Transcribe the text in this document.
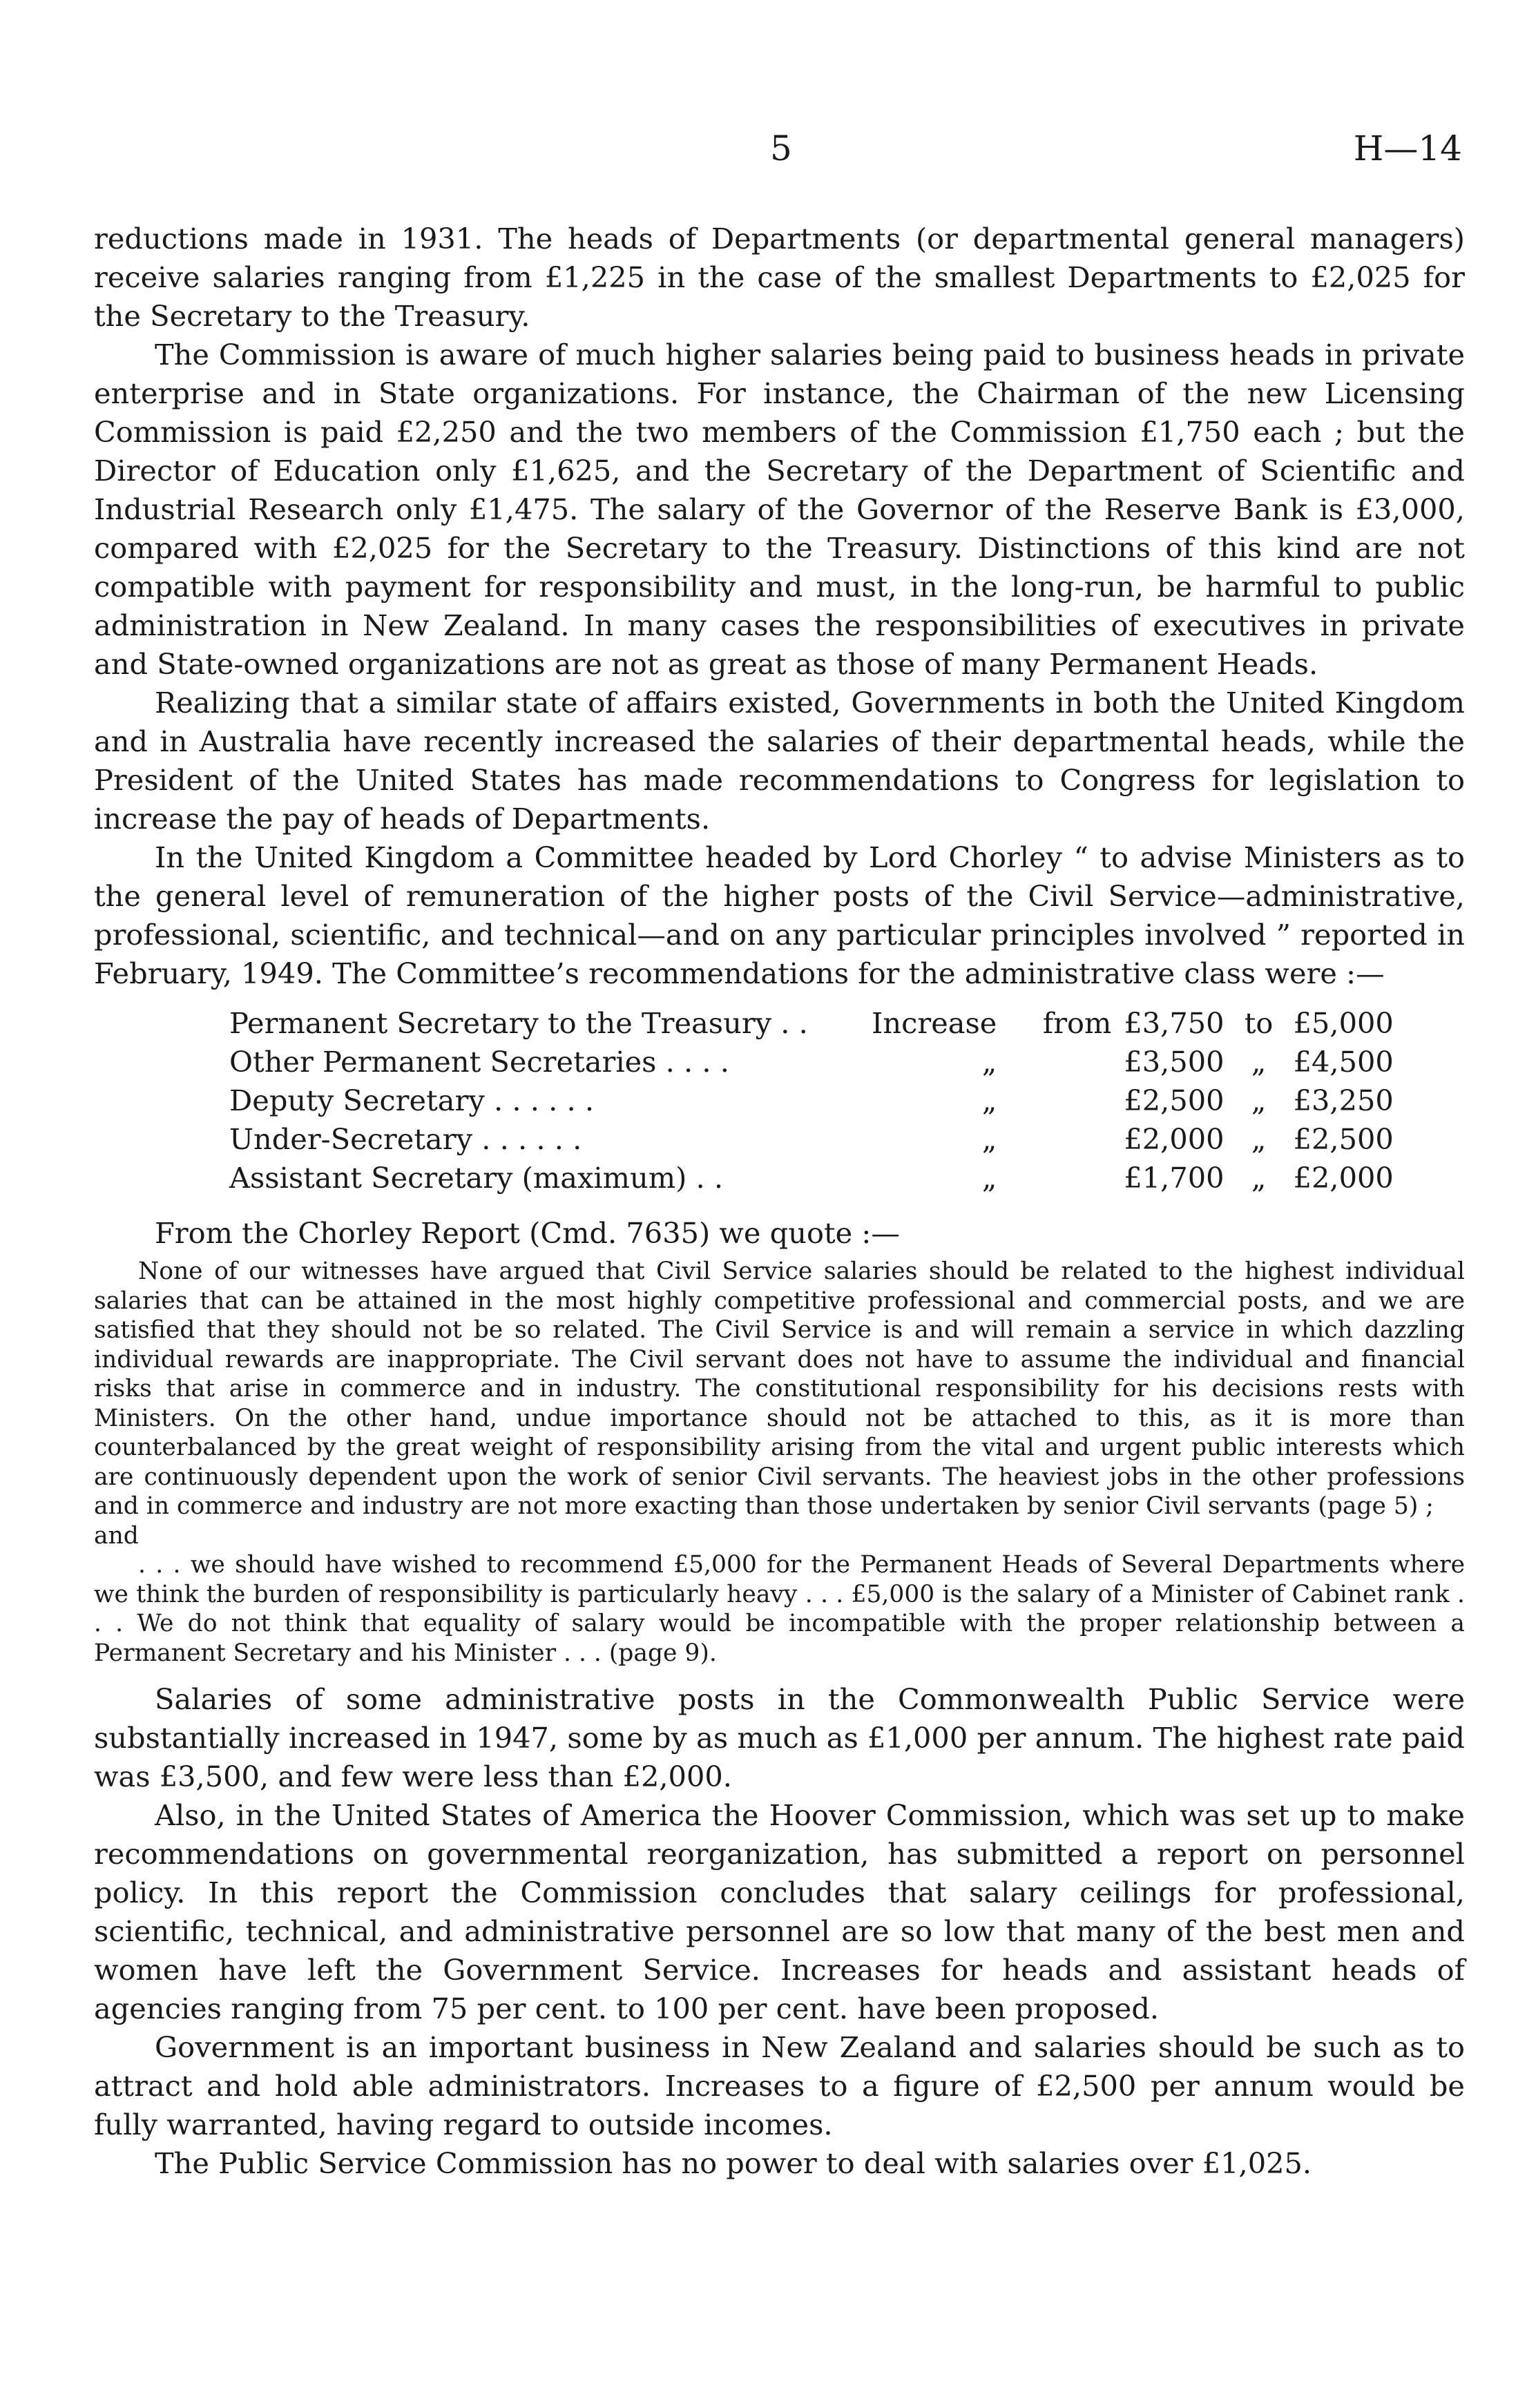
5	H—14

reductions made in 1931. The heads of Departments (or departmental general managers) receive salaries ranging from £1,225 in the case of the smallest Departments to £2,025 for the Secretary to the Treasury.

The Commission is aware of much higher salaries being paid to business heads in private enterprise and in State organizations. For instance, the Chairman of the new Licensing Commission is paid £2,250 and the two members of the Commission £1,750 each ; but the Director of Education only £1,625, and the Secretary of the Department of Scientific and Industrial Research only £1,475. The salary of the Governor of the Reserve Bank is £3,000, compared with £2,025 for the Secretary to the Treasury. Distinctions of this kind are not compatible with payment for responsibility and must, in the long-run, be harmful to public administration in New Zealand. In many cases the responsibilities of executives in private and State-owned organizations are not as great as those of many Permanent Heads.

Realizing that a similar state of affairs existed, Governments in both the United Kingdom and in Australia have recently increased the salaries of their departmental heads, while the President of the United States has made recommendations to Congress for legislation to increase the pay of heads of Departments.

In the United Kingdom a Committee headed by Lord Chorley “ to advise Ministers as to the general level of remuneration of the higher posts of the Civil Service—administrative, professional, scientific, and technical—and on any particular principles involved ” reported in February, 1949. The Committee’s recommendations for the administrative class were :—

Permanent Secretary to the Treasury . .	Increase	from	£3,750	to	£5,000
Other Permanent Secretaries . . . .	„		£3,500	„	£4,500
Deputy Secretary . . . . . .	„		£2,500	„	£3,250
Under-Secretary . . . . . .	„		£2,000	„	£2,500
Assistant Secretary (maximum) . .	„		£1,700	„	£2,000

From the Chorley Report (Cmd. 7635) we quote :—

None of our witnesses have argued that Civil Service salaries should be related to the highest individual salaries that can be attained in the most highly competitive professional and commercial posts, and we are satisfied that they should not be so related. The Civil Service is and will remain a service in which dazzling individual rewards are inappropriate. The Civil servant does not have to assume the individual and financial risks that arise in commerce and in industry. The constitutional responsibility for his decisions rests with Ministers. On the other hand, undue importance should not be attached to this, as it is more than counterbalanced by the great weight of responsibility arising from the vital and urgent public interests which are continuously dependent upon the work of senior Civil servants. The heaviest jobs in the other professions and in commerce and industry are not more exacting than those undertaken by senior Civil servants (page 5) ;

and

. . . we should have wished to recommend £5,000 for the Permanent Heads of Several Departments where we think the burden of responsibility is particularly heavy . . . £5,000 is the salary of a Minister of Cabinet rank . . . We do not think that equality of salary would be incompatible with the proper relationship between a Permanent Secretary and his Minister . . . (page 9).

Salaries of some administrative posts in the Commonwealth Public Service were substantially increased in 1947, some by as much as £1,000 per annum. The highest rate paid was £3,500, and few were less than £2,000.

Also, in the United States of America the Hoover Commission, which was set up to make recommendations on governmental reorganization, has submitted a report on personnel policy. In this report the Commission concludes that salary ceilings for professional, scientific, technical, and administrative personnel are so low that many of the best men and women have left the Government Service. Increases for heads and assistant heads of agencies ranging from 75 per cent. to 100 per cent. have been proposed.

Government is an important business in New Zealand and salaries should be such as to attract and hold able administrators. Increases to a figure of £2,500 per annum would be fully warranted, having regard to outside incomes.

The Public Service Commission has no power to deal with salaries over £1,025.
